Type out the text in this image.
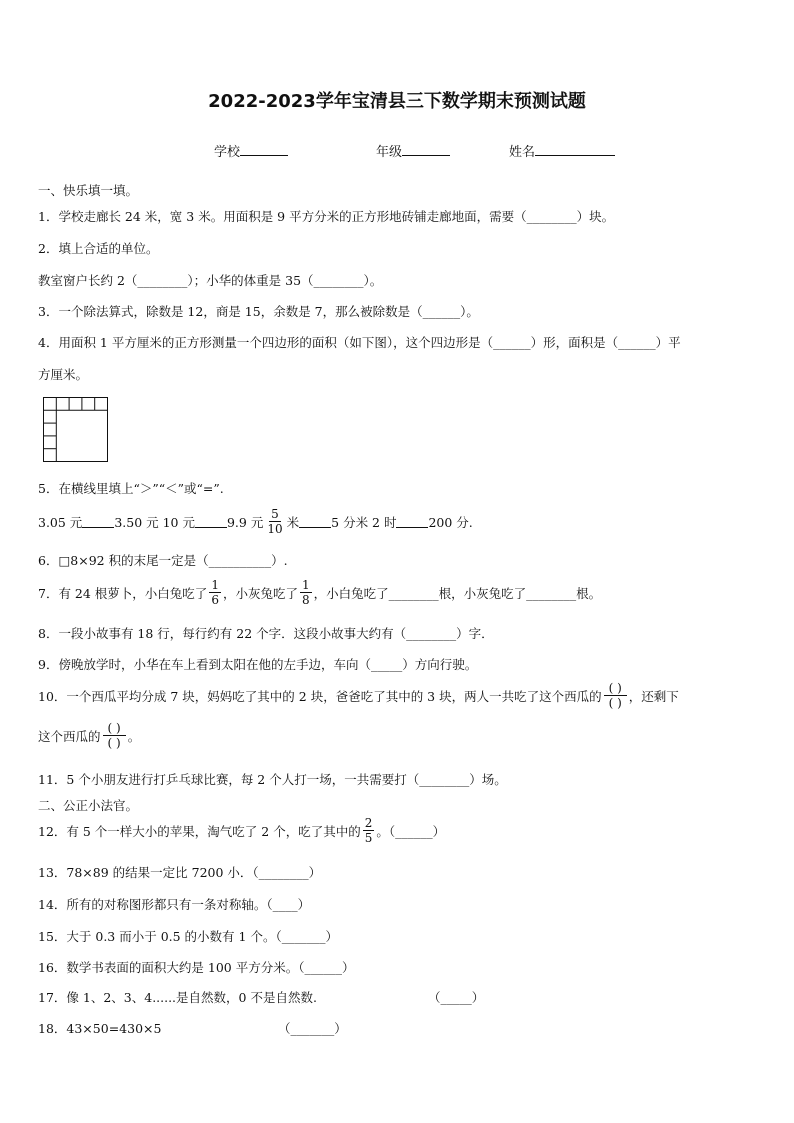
2022-2023学年宝清县三下数学期末预测试题
学校	年级	姓名
一、快乐填一填。
1．学校走廊长 24 米，宽 3 米。用面积是 9 平方分米的正方形地砖铺走廊地面，需要（________）块。
2．填上合适的单位。
教室窗户长约 2（________）；小华的体重是 35（________）。
3．一个除法算式，除数是 12，商是 15，余数是 7，那么被除数是（______）。
4．用面积 1 平方厘米的正方形测量一个四边形的面积（如下图），这个四边形是（______）形，面积是（______）平
方厘米。
5．在横线里填上“＞”“＜”或“=”.
3.05 元	3.50 元 10 元	9.9 元 $\frac{5}{10}$ 米	5 分米 2 时	200 分.
6．□8×92 积的末尾一定是（__________）.
7．有 24 根萝卜，小白兔吃了 $\frac{1}{6}$ ，小灰兔吃了 $\frac{1}{8}$ ，小白兔吃了________根，小灰兔吃了________根。
8．一段小故事有 18 行，每行约有 22 个字．这段小故事大约有（________）字．
9．傍晚放学时，小华在车上看到太阳在他的左手边，车向（_____）方向行驶。
10．一个西瓜平均分成 7 块，妈妈吃了其中的 2 块，爸爸吃了其中的 3 块，两人一共吃了这个西瓜的 $\frac{( )}{( )}$ ，还剩下
这个西瓜的 $\frac{( )}{( )}$ 。
11．5 个小朋友进行打乒乓球比赛，每 2 个人打一场，一共需要打（________）场。
二、公正小法官。
12．有 5 个一样大小的苹果，淘气吃了 2 个，吃了其中的 $\frac{2}{5}$ 。（______）
13．78×89 的结果一定比 7200 小．（________）
14．所有的对称图形都只有一条对称轴。（____）
15．大于 0.3 而小于 0.5 的小数有 1 个。（_______）
16．数学书表面的面积大约是 100 平方分米。（______）
17．像 1、2、3、4......是自然数，0 不是自然数.	（_____）
18．43×50=430×5	（_______）
